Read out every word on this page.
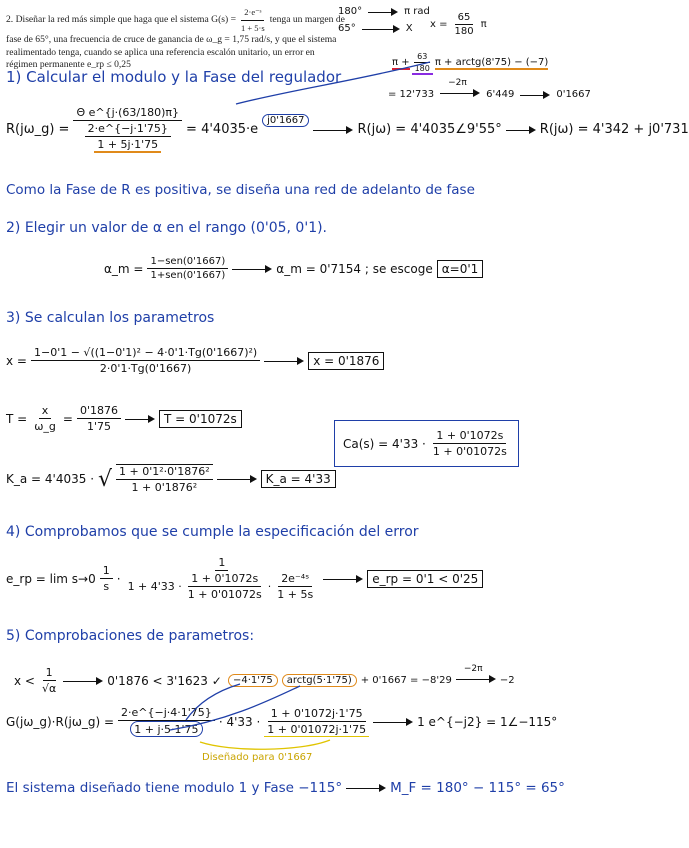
2. Diseñar la red más simple que haga que el sistema $G(s) = \frac{\text{2·e⁻ˢ}}{1 + 5\cdot s}$ tenga un margen de
fase de 65°, una frecuencia de cruce de ganancia de ω_g = 1,75 rad/s, y que el sistema
realimentado tenga, cuando se aplica una referencia escalón unitario, un error en
régimen permanente e_rp ≤ 0,25
180°	π rad
65°	X $x = \frac{65}{180}$ π
$\pi + \frac{63}{180}$ π + arctg(8'75) − (−7)
= 12'733
−2π
6'449	0'1667
1) Calcular el modulo y la Fase del regulador
R(jω_g) = $\frac{\text{Θ e\textasciicircum{}\{j·(63/180)π\}}}{\frac{2\cdot e\^{}\{-j\cdot 1'75\}}{1 + 5j\cdot 1'75}} = 4'4035\cdot e$
j0'1667
R(jω) = 4'4035∠9'55°	R(jω) = 4'342 + j0'731
Como la Fase de R es positiva, se diseña una red de adelanto de fase
2) Elegir un valor de α en el rango (0'05, 0'1).
α_m = $\frac{\text{1−sen(0'1667)}}{\text{1+sen(0'1667)}}$	α_m = 0'7154 ; se escoge α=0'1
3) Se calculan los parametros
$x = \frac{\text{1−0'1 − √((1−0'1)² − 4·0'1·Tg(0'1667)²)}}{2\cdot 0'1\cdot Tg(0'1667)}$	x = 0'1876
$T = \frac{x}{\omega\_g} = \frac{0'1876}{1'75}$	T = 0'1072s
$Ca(s) = 4'33 \cdot \frac{1 + 0'1072s}{1 + 0'01072s}$
K_a = 4'4035 · √ $\frac{\text{1 + 0'1²·0'1876²}}{\text{1 + 0'1876²}}$	K_a = 4'33
4) Comprobamos que se cumple la especificación del error
e_rp = $\lim s\to 0 \frac{1}{s}$ ·
1
$1 + 4'33 \cdot \frac{1 + 0'1072s}{1 + 0'01072s} \cdot \frac{\text{2e⁻⁴ˢ}}{1 + 5s}$	e_rp = 0'1 < 0'25
5) Comprobaciones de parametros:
$x < \frac{1}{√\alpha}$	0'1876 < 3'1623 ✓	−4·1'75	arctg(5·1'75) + 0'1667 = −8'29
−2π
−2
G(jω_g)·R(jω_g) = $\frac{2\cdot e\^{}\{-j\cdot 4\cdot 1'75\}}{1 + j\cdot 5\cdot 1'75} \cdot 4'33 \cdot \frac{1 + 0'1072j\cdot 1'75}{1 + 0'01072j\cdot 1'75}$	1 e^{−j2} = 1∠−115°
Diseñado para 0'1667
El sistema diseñado tiene modulo 1 y Fase −115°	M_F = 180° − 115° = 65°
